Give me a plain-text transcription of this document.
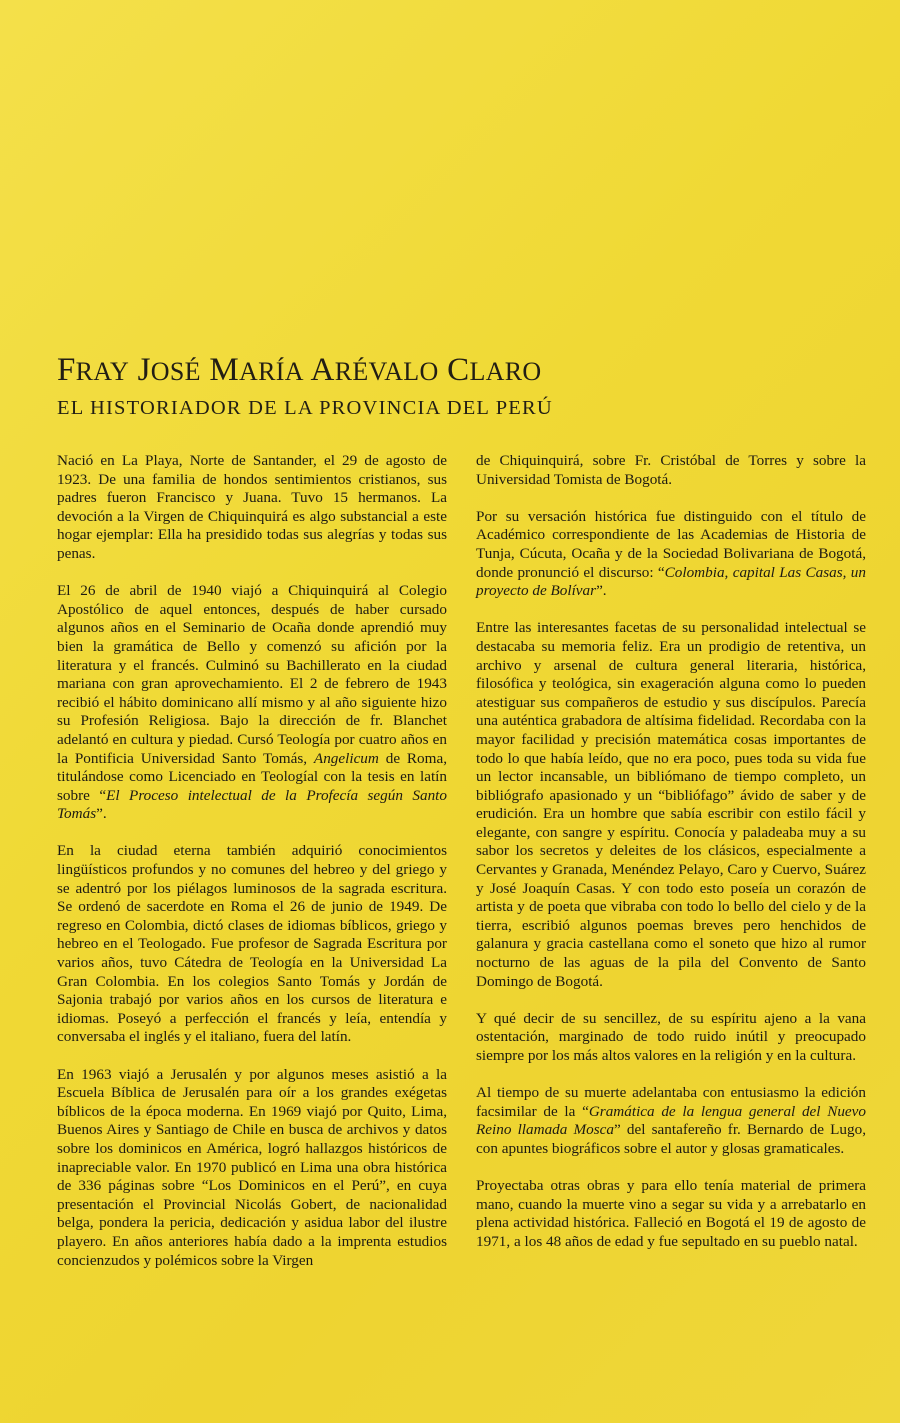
FRAY JOSÉ MARÍA ARÉVALO CLARO
EL HISTORIADOR DE LA PROVINCIA DEL PERÚ

Nació en La Playa, Norte de Santander, el 29 de agosto de 1923. De una familia de hondos sentimientos cristianos, sus padres fueron Francisco y Juana. Tuvo 15 hermanos. La devoción a la Virgen de Chiquinquirá es algo substancial a este hogar ejemplar: Ella ha presidido todas sus alegrías y todas sus penas.

El 26 de abril de 1940 viajó a Chiquinquirá al Colegio Apostólico de aquel entonces, después de haber cursado algunos años en el Seminario de Ocaña donde aprendió muy bien la gramática de Bello y comenzó su afición por la literatura y el francés. Culminó su Bachillerato en la ciudad mariana con gran aprovechamiento. El 2 de febrero de 1943 recibió el hábito dominicano allí mismo y al año siguiente hizo su Profesión Religiosa. Bajo la dirección de fr. Blanchet adelantó en cultura y piedad. Cursó Teología por cuatro años en la Pontificia Universidad Santo Tomás, Angelicum de Roma, titulándose como Licenciado en Teologíal con la tesis en latín sobre “El Proceso intelectual de la Profecía según Santo Tomás”.

En la ciudad eterna también adquirió conocimientos lingüísticos profundos y no comunes del hebreo y del griego y se adentró por los piélagos luminosos de la sagrada escritura. Se ordenó de sacerdote en Roma el 26 de junio de 1949. De regreso en Colombia, dictó clases de idiomas bíblicos, griego y hebreo en el Teologado. Fue profesor de Sagrada Escritura por varios años, tuvo Cátedra de Teología en la Universidad La Gran Colombia. En los colegios Santo Tomás y Jordán de Sajonia trabajó por varios años en los cursos de literatura e idiomas. Poseyó a perfección el francés y leía, entendía y conversaba el inglés y el italiano, fuera del latín.

En 1963 viajó a Jerusalén y por algunos meses asistió a la Escuela Bíblica de Jerusalén para oír a los grandes exégetas bíblicos de la época moderna. En 1969 viajó por Quito, Lima, Buenos Aires y Santiago de Chile en busca de archivos y datos sobre los dominicos en América, logró hallazgos históricos de inapreciable valor. En 1970 publicó en Lima una obra histórica de 336 páginas sobre “Los Dominicos en el Perú”, en cuya presentación el Provincial Nicolás Gobert, de nacionalidad belga, pondera la pericia, dedicación y asidua labor del ilustre playero. En años anteriores había dado a la imprenta estudios concienzudos y polémicos sobre la Virgen

de Chiquinquirá, sobre Fr. Cristóbal de Torres y sobre la Universidad Tomista de Bogotá.

Por su versación histórica fue distinguido con el título de Académico correspondiente de las Academias de Historia de Tunja, Cúcuta, Ocaña y de la Sociedad Bolivariana de Bogotá, donde pronunció el discurso: “Colombia, capital Las Casas, un proyecto de Bolívar”.

Entre las interesantes facetas de su personalidad intelectual se destacaba su memoria feliz. Era un prodigio de retentiva, un archivo y arsenal de cultura general literaria, histórica, filosófica y teológica, sin exageración alguna como lo pueden atestiguar sus compañeros de estudio y sus discípulos. Parecía una auténtica grabadora de altísima fidelidad. Recordaba con la mayor facilidad y precisión matemática cosas importantes de todo lo que había leído, que no era poco, pues toda su vida fue un lector incansable, un bibliómano de tiempo completo, un bibliógrafo apasionado y un “bibliófago” ávido de saber y de erudición. Era un hombre que sabía escribir con estilo fácil y elegante, con sangre y espíritu. Conocía y paladeaba muy a su sabor los secretos y deleites de los clásicos, especialmente a Cervantes y Granada, Menéndez Pelayo, Caro y Cuervo, Suárez y José Joaquín Casas. Y con todo esto poseía un corazón de artista y de poeta que vibraba con todo lo bello del cielo y de la tierra, escribió algunos poemas breves pero henchidos de galanura y gracia castellana como el soneto que hizo al rumor nocturno de las aguas de la pila del Convento de Santo Domingo de Bogotá.

Y qué decir de su sencillez, de su espíritu ajeno a la vana ostentación, marginado de todo ruido inútil y preocupado siempre por los más altos valores en la religión y en la cultura.

Al tiempo de su muerte adelantaba con entusiasmo la edición facsimilar de la “Gramática de la lengua general del Nuevo Reino llamada Mosca” del santafereño fr. Bernardo de Lugo, con apuntes biográficos sobre el autor y glosas gramaticales.

Proyectaba otras obras y para ello tenía material de primera mano, cuando la muerte vino a segar su vida y a arrebatarlo en plena actividad histórica. Falleció en Bogotá el 19 de agosto de 1971, a los 48 años de edad y fue sepultado en su pueblo natal.
